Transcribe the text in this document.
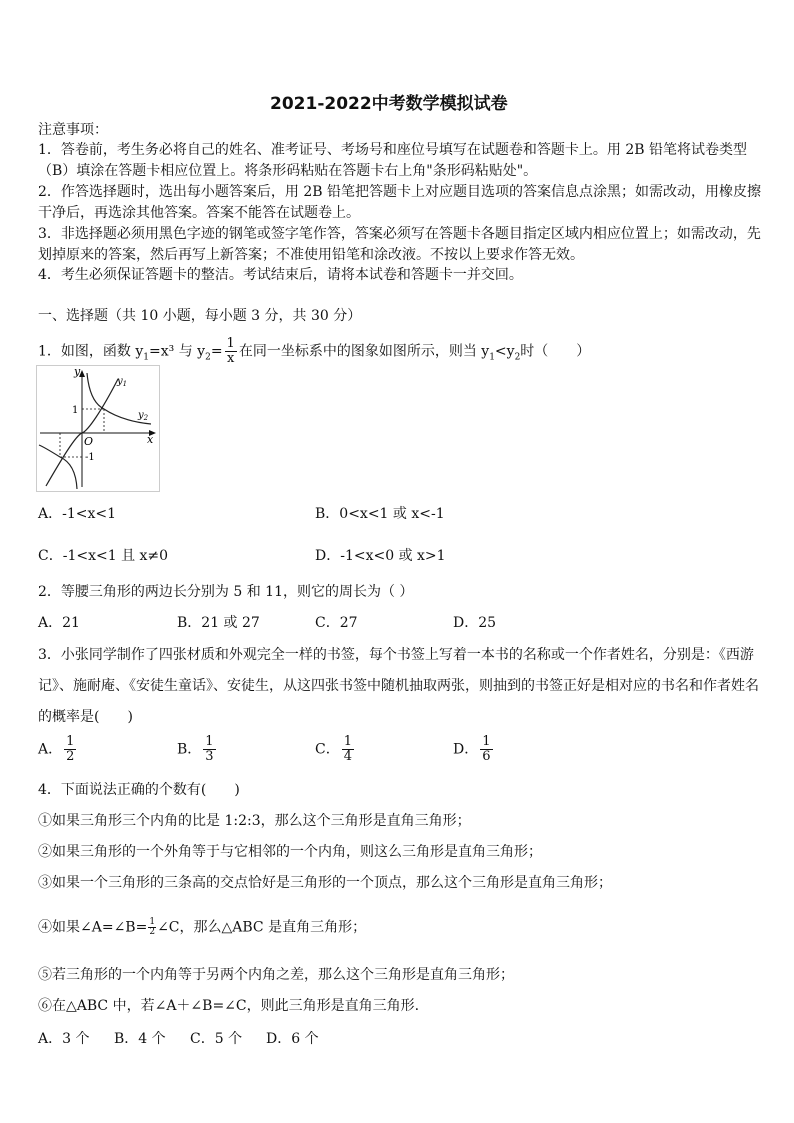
2021-2022中考数学模拟试卷
注意事项：
1．答卷前，考生务必将自己的姓名、准考证号、考场号和座位号填写在试题卷和答题卡上。用 2B 铅笔将试卷类型
（B）填涂在答题卡相应位置上。将条形码粘贴在答题卡右上角"条形码粘贴处"。
2．作答选择题时，选出每小题答案后，用 2B 铅笔把答题卡上对应题目选项的答案信息点涂黑；如需改动，用橡皮擦
干净后，再选涂其他答案。答案不能答在试题卷上。
3．非选择题必须用黑色字迹的钢笔或签字笔作答，答案必须写在答题卡各题目指定区域内相应位置上；如需改动，先
划掉原来的答案，然后再写上新答案；不准使用铅笔和涂改液。不按以上要求作答无效。
4．考生必须保证答题卡的整洁。考试结束后，请将本试卷和答题卡一并交回。
一、选择题（共 10 小题，每小题 3 分，共 30 分）
1．如图，函数 $y_1=x^3$ 与 $y_2= \frac{1}{x}$ 在同一坐标系中的图象如图所示，则当 $y_1<y_2$时（　　）
y
x
O
1
-1
$y_1$
$y_2$
A．-1<x<1	B．0<x<1 或 x<-1
C．-1<x<1 且 x≠0	D．-1<x<0 或 x>1
2．等腰三角形的两边长分别为 5 和 11，则它的周长为（ ）
A．21	B．21 或 27	C．27	D．25
3．小张同学制作了四张材质和外观完全一样的书签，每个书签上写着一本书的名称或一个作者姓名，分别是：《西游
记》、施耐庵、《安徒生童话》、安徒生，从这四张书签中随机抽取两张，则抽到的书签正好是相对应的书名和作者姓名
的概率是(　　)
A． $\frac{1}{2}$	B． $\frac{1}{3}$	C． $\frac{1}{4}$	D． $\frac{1}{6}$
4．下面说法正确的个数有(　　)
①如果三角形三个内角的比是 1:2:3，那么这个三角形是直角三角形；
②如果三角形的一个外角等于与它相邻的一个内角，则这么三角形是直角三角形；
③如果一个三角形的三条高的交点恰好是三角形的一个顶点，那么这个三角形是直角三角形；
④如果∠A=∠B= $\frac{1}{2}$ ∠C，那么△ABC 是直角三角形；
⑤若三角形的一个内角等于另两个内角之差，那么这个三角形是直角三角形；
⑥在△ABC 中，若∠A＋∠B=∠C，则此三角形是直角三角形.
A．3 个 B．4 个 C．5 个 D．6 个
